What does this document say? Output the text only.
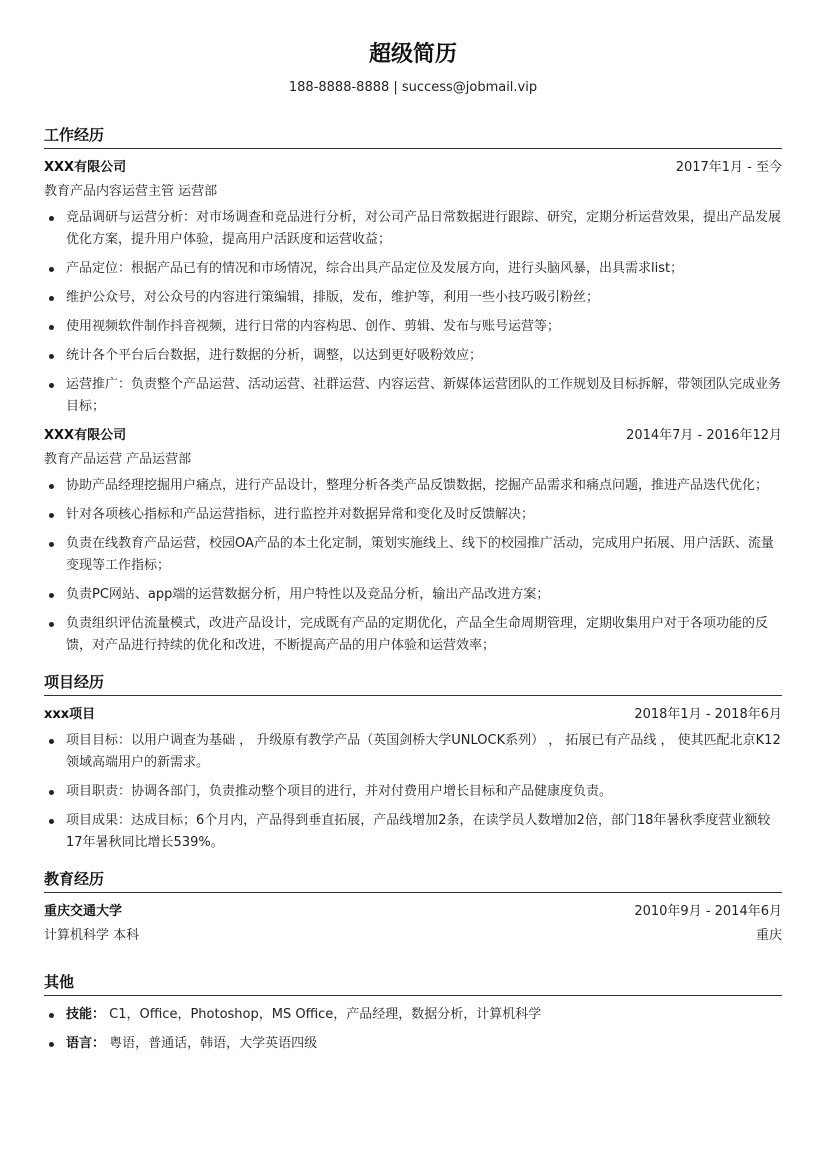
超级简历
188-8888-8888 | success@jobmail.vip
工作经历
XXX有限公司	2017年1月 - 至今
教育产品内容运营主管 运营部
竞品调研与运营分析：对市场调查和竞品进行分析，对公司产品日常数据进行跟踪、研究，定期分析运营效果，提出产品发展优化方案，提升用户体验，提高用户活跃度和运营收益；
产品定位：根据产品已有的情况和市场情况，综合出具产品定位及发展方向，进行头脑风暴，出具需求list；
维护公众号，对公众号的内容进行策编辑，排版，发布，维护等，利用一些小技巧吸引粉丝；
使用视频软件制作抖音视频，进行日常的内容构思、创作、剪辑、发布与账号运营等；
统计各个平台后台数据，进行数据的分析，调整，以达到更好吸粉效应；
运营推广：负责整个产品运营、活动运营、社群运营、内容运营、新媒体运营团队的工作规划及目标拆解，带领团队完成业务目标；
XXX有限公司	2014年7月 - 2016年12月
教育产品运营 产品运营部
协助产品经理挖掘用户痛点，进行产品设计，整理分析各类产品反馈数据，挖掘产品需求和痛点问题，推进产品迭代优化；
针对各项核心指标和产品运营指标，进行监控并对数据异常和变化及时反馈解决；
负责在线教育产品运营，校园OA产品的本土化定制，策划实施线上、线下的校园推广活动，完成用户拓展、用户活跃、流量变现等工作指标；
负责PC网站、app端的运营数据分析，用户特性以及竞品分析，输出产品改进方案；
负责组织评估流量模式，改进产品设计，完成既有产品的定期优化，产品全生命周期管理，定期收集用户对于各项功能的反馈，对产品进行持续的优化和改进，不断提高产品的用户体验和运营效率；
项目经历
xxx项目	2018年1月 - 2018年6月
项目目标：以用户调查为基础 ， 升级原有教学产品（英国剑桥大学UNLOCK系列） ， 拓展已有产品线 ， 使其匹配北京K12领域高端用户的新需求。
项目职责：协调各部门，负责推动整个项目的进行，并对付费用户增长目标和产品健康度负责。
项目成果：达成目标；6个月内，产品得到垂直拓展，产品线增加2条，在读学员人数增加2倍，部门18年暑秋季度营业额较17年暑秋同比增长539%。
教育经历
重庆交通大学	2010年9月 - 2014年6月
计算机科学 本科	重庆
其他
技能： C1，Office，Photoshop，MS Office，产品经理，数据分析，计算机科学
语言： 粤语，普通话，韩语，大学英语四级
